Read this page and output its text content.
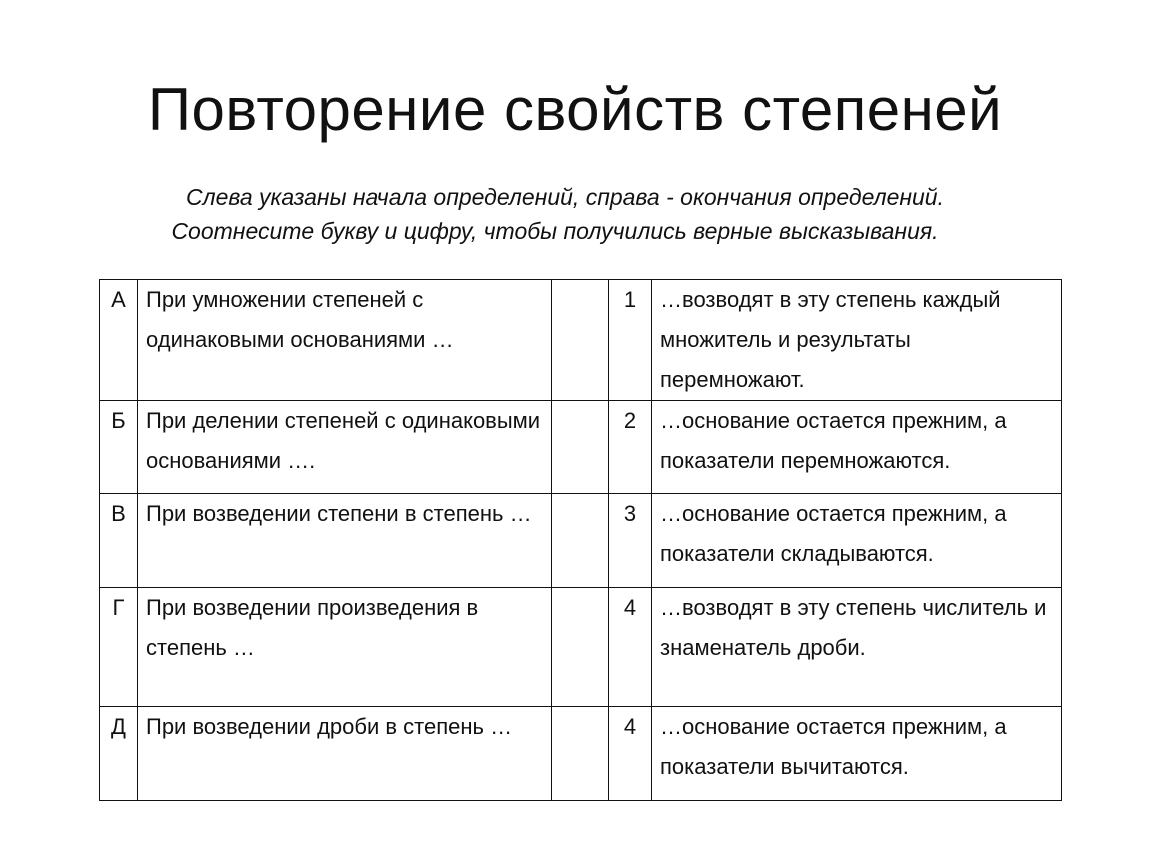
Повторение свойств степеней
Слева указаны начала определений, справа - окончания определений.
Соотнесите букву и цифру, чтобы получились верные высказывания.
А	При умножении степеней с одинаковыми основаниями …		1	…возводят в эту степень каждый множитель и результаты перемножают.
Б	При делении степеней с одинаковыми основаниями ….		2	…основание остается прежним, а показатели перемножаются.
В	При возведении степени в степень …		3	…основание остается прежним, а показатели складываются.
Г	При возведении произведения в степень …		4	…возводят в эту степень числитель и знаменатель дроби.
Д	При возведении дроби в степень …		4	…основание остается прежним, а показатели вычитаются.
